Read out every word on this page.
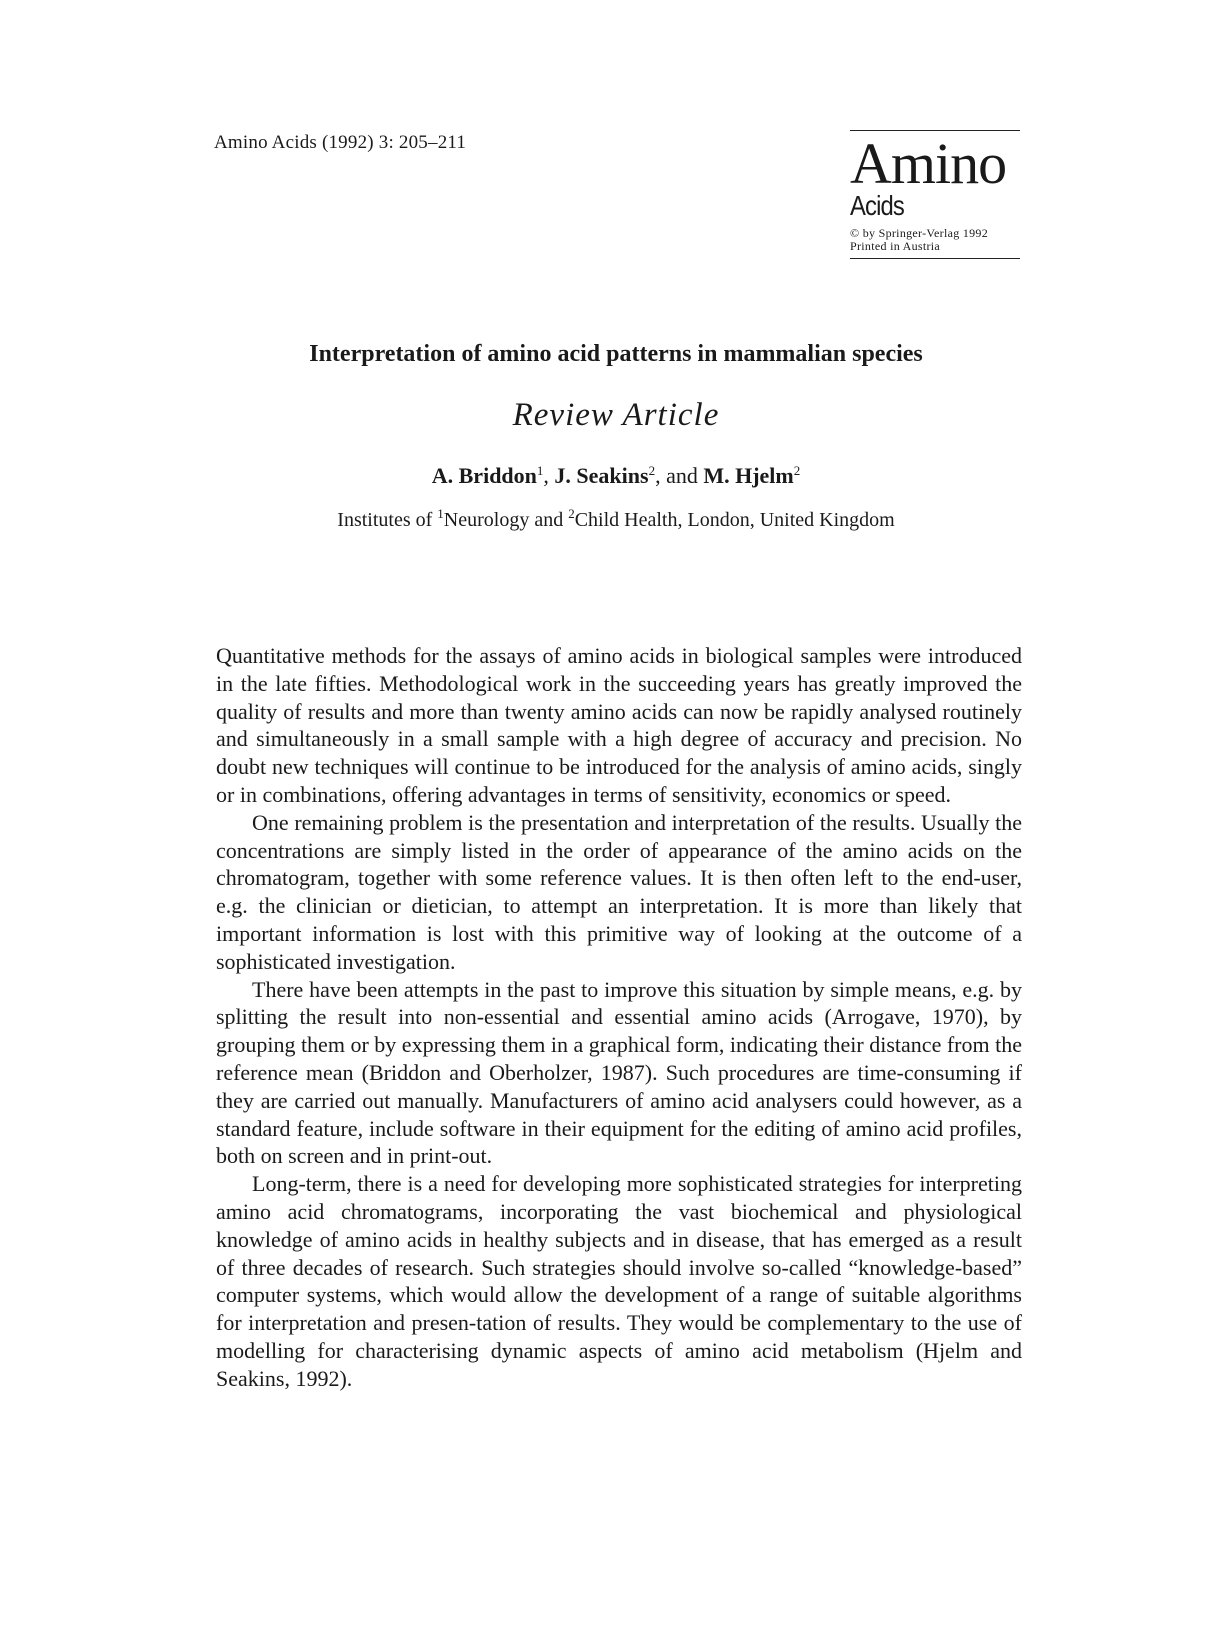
Amino Acids (1992) 3: 205–211	Amino
Acids
© by Springer-Verlag 1992
Printed in Austria
Interpretation of amino acid patterns in mammalian species
Review Article
A. Briddon$^1$, J. Seakins$^2$, and M. Hjelm$^2$
Institutes of $^1$Neurology and $^2$Child Health, London, United Kingdom

Quantitative methods for the assays of amino acids in biological samples were introduced in the late fifties. Methodological work in the succeeding years has greatly improved the quality of results and more than twenty amino acids can now be rapidly analysed routinely and simultaneously in a small sample with a high degree of accuracy and precision. No doubt new techniques will continue to be introduced for the analysis of amino acids, singly or in combinations, offering advantages in terms of sensitivity, economics or speed.

One remaining problem is the presentation and interpretation of the results. Usually the concentrations are simply listed in the order of appearance of the amino acids on the chromatogram, together with some reference values. It is then often left to the end-user, e.g. the clinician or dietician, to attempt an interpretation. It is more than likely that important information is lost with this primitive way of looking at the outcome of a sophisticated investigation.

There have been attempts in the past to improve this situation by simple means, e.g. by splitting the result into non-essential and essential amino acids (Arrogave, 1970), by grouping them or by expressing them in a graphical form, indicating their distance from the reference mean (Briddon and Oberholzer, 1987). Such procedures are time-consuming if they are carried out manually. Manufacturers of amino acid analysers could however, as a standard feature, include software in their equipment for the editing of amino acid profiles, both on screen and in print-out.

Long-term, there is a need for developing more sophisticated strategies for interpreting amino acid chromatograms, incorporating the vast biochemical and physiological knowledge of amino acids in healthy subjects and in disease, that has emerged as a result of three decades of research. Such strategies should involve so-called “knowledge-based” computer systems, which would allow the development of a range of suitable algorithms for interpretation and presen-tation of results. They would be complementary to the use of modelling for characterising dynamic aspects of amino acid metabolism (Hjelm and Seakins, 1992).
